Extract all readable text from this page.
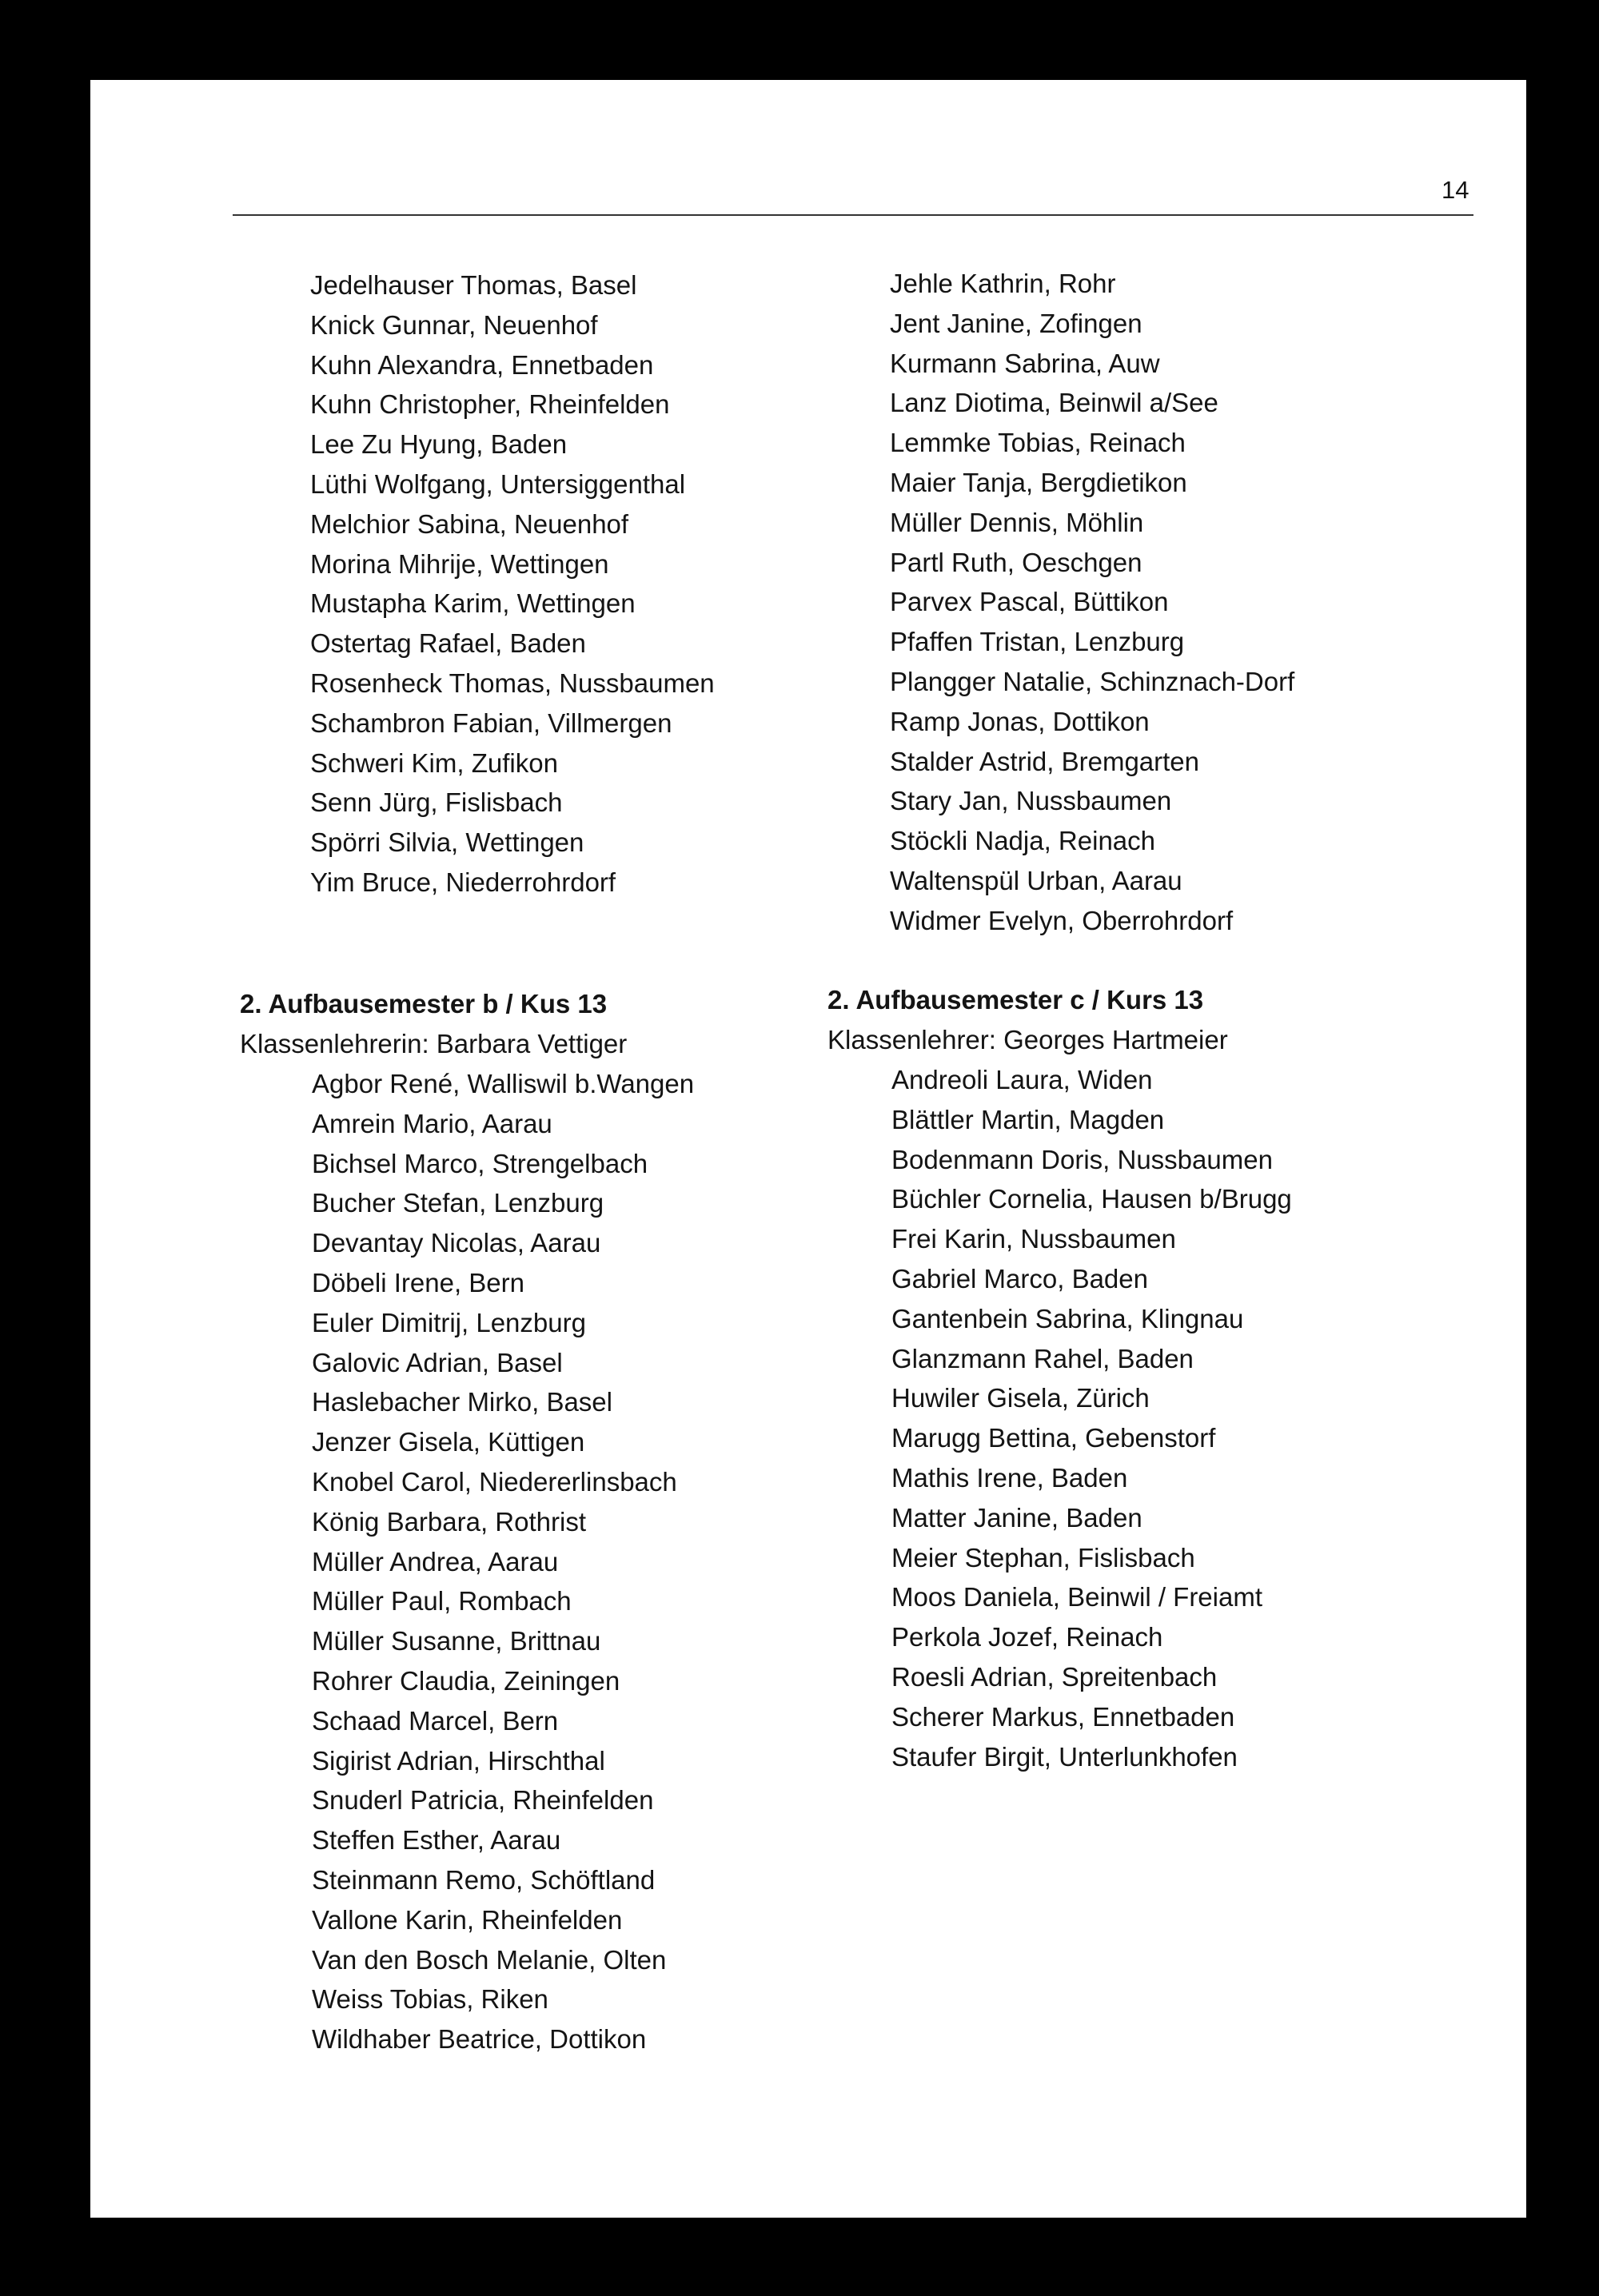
14
Jedelhauser Thomas, Basel
Knick Gunnar, Neuenhof
Kuhn Alexandra, Ennetbaden
Kuhn Christopher, Rheinfelden
Lee Zu Hyung, Baden
Lüthi Wolfgang, Untersiggenthal
Melchior Sabina, Neuenhof
Morina Mihrije, Wettingen
Mustapha Karim, Wettingen
Ostertag Rafael, Baden
Rosenheck Thomas, Nussbaumen
Schambron Fabian, Villmergen
Schweri Kim, Zufikon
Senn Jürg, Fislisbach
Spörri Silvia, Wettingen
Yim Bruce, Niederrohrdorf
Jehle Kathrin, Rohr
Jent Janine, Zofingen
Kurmann Sabrina, Auw
Lanz Diotima, Beinwil a/See
Lemmke Tobias, Reinach
Maier Tanja, Bergdietikon
Müller Dennis, Möhlin
Partl Ruth, Oeschgen
Parvex Pascal, Büttikon
Pfaffen Tristan, Lenzburg
Plangger Natalie, Schinznach-Dorf
Ramp Jonas, Dottikon
Stalder Astrid, Bremgarten
Stary Jan, Nussbaumen
Stöckli Nadja, Reinach
Waltenspül Urban, Aarau
Widmer Evelyn, Oberrohrdorf
2. Aufbausemester b / Kus 13
Klassenlehrerin: Barbara Vettiger
Agbor René, Walliswil b.Wangen
Amrein Mario, Aarau
Bichsel Marco, Strengelbach
Bucher Stefan, Lenzburg
Devantay Nicolas, Aarau
Döbeli Irene, Bern
Euler Dimitrij, Lenzburg
Galovic Adrian, Basel
Haslebacher Mirko, Basel
Jenzer Gisela, Küttigen
Knobel Carol, Niedererlinsbach
König Barbara, Rothrist
Müller Andrea, Aarau
Müller Paul, Rombach
Müller Susanne, Brittnau
Rohrer Claudia, Zeiningen
Schaad Marcel, Bern
Sigirist Adrian, Hirschthal
Snuderl Patricia, Rheinfelden
Steffen Esther, Aarau
Steinmann Remo, Schöftland
Vallone Karin, Rheinfelden
Van den Bosch Melanie, Olten
Weiss Tobias, Riken
Wildhaber Beatrice, Dottikon
2. Aufbausemester c / Kurs 13
Klassenlehrer: Georges Hartmeier
Andreoli Laura, Widen
Blättler Martin, Magden
Bodenmann Doris, Nussbaumen
Büchler Cornelia, Hausen b/Brugg
Frei Karin, Nussbaumen
Gabriel Marco, Baden
Gantenbein Sabrina, Klingnau
Glanzmann Rahel, Baden
Huwiler Gisela, Zürich
Marugg Bettina, Gebenstorf
Mathis Irene, Baden
Matter Janine, Baden
Meier Stephan, Fislisbach
Moos Daniela, Beinwil / Freiamt
Perkola Jozef, Reinach
Roesli Adrian, Spreitenbach
Scherer Markus, Ennetbaden
Staufer Birgit, Unterlunkhofen
